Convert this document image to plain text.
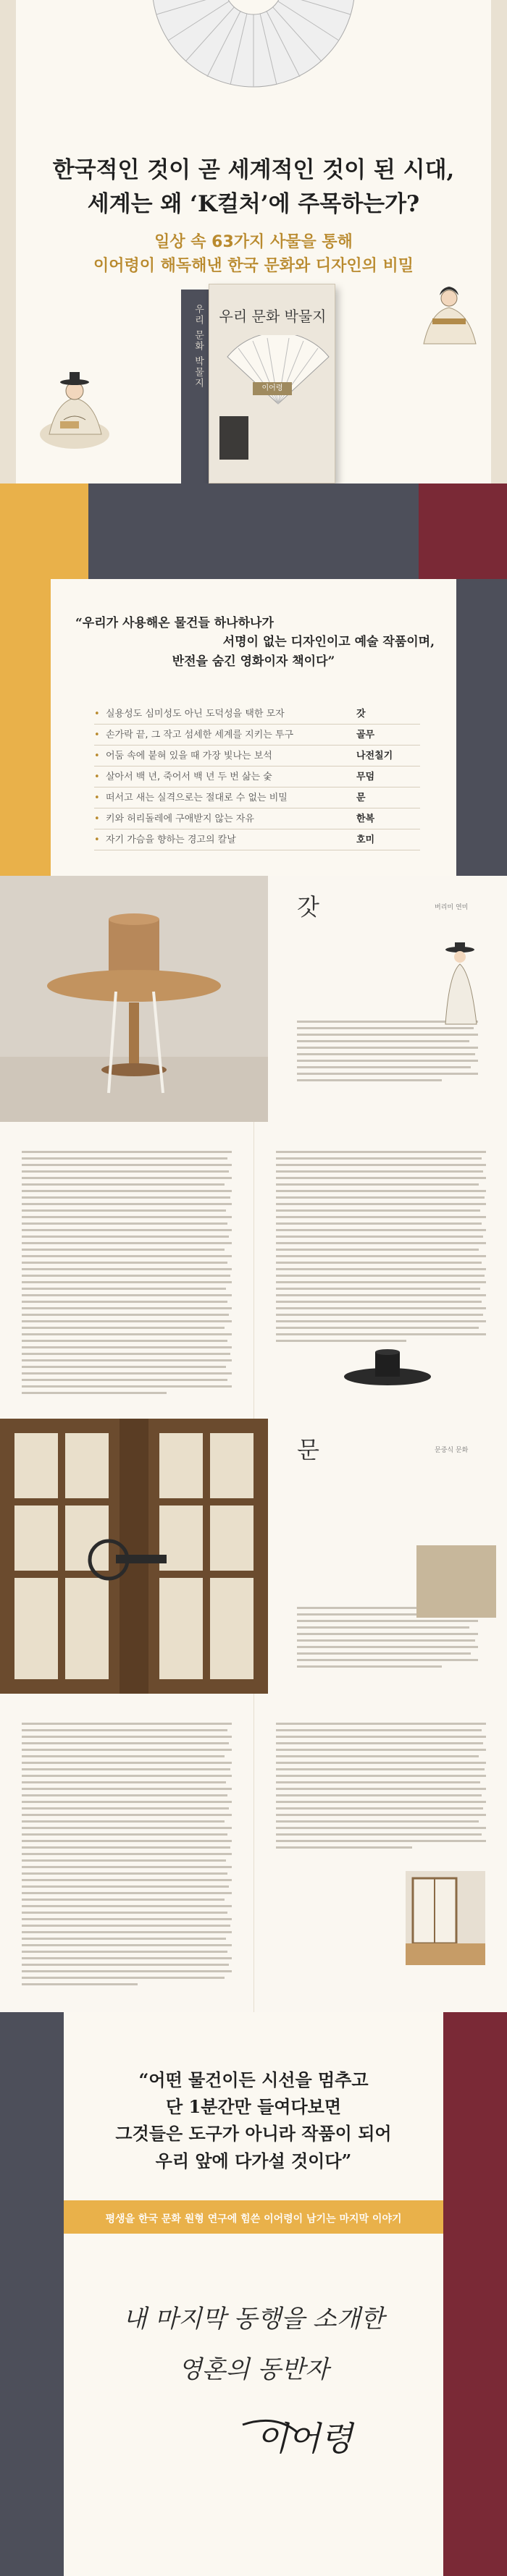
한국적인 것이 곧 세계적인 것이 된 시대,
세계는 왜 ‘K컬처’에 주목하는가?
일상 속 63가지 사물을 통해
이어령이 해독해낸 한국 문화와 디자인의 비밀
우리 문화 박물지	우리 문화 박물지
이어령
“우리가 사용해온 물건들 하나하나가
서명이 없는 디자인이고 예술 작품이며,
반전을 숨긴 영화이자 책이다”
• 실용성도 심미성도 아닌 도덕성을 택한 모자	갓
• 손가락 끝, 그 작고 섬세한 세계를 지키는 투구	골무
• 어둠 속에 붙혀 있을 때 가장 빛나는 보석	나전칠기
• 살아서 백 년, 죽어서 백 년 두 번 삶는 숯	무덤
• 떠서고 새는 실격으로는 절대로 수 없는 비밀	문
• 키와 허리돌레에 구애받지 않는 자유	한복
• 자기 가슴을 향하는 경고의 칼날	호미
갓	버리미 연미
문	문중식 문화
“어떤 물건이든 시선을 멈추고
단 1분간만 들여다보면
그것들은 도구가 아니라 작품이 되어
우리 앞에 다가설 것이다”
평생을 한국 문화 원형 연구에 힘쓴 이어령이 남기는 마지막 이야기
내 마지막 동행을 소개한
영혼의 동반자
이어령
